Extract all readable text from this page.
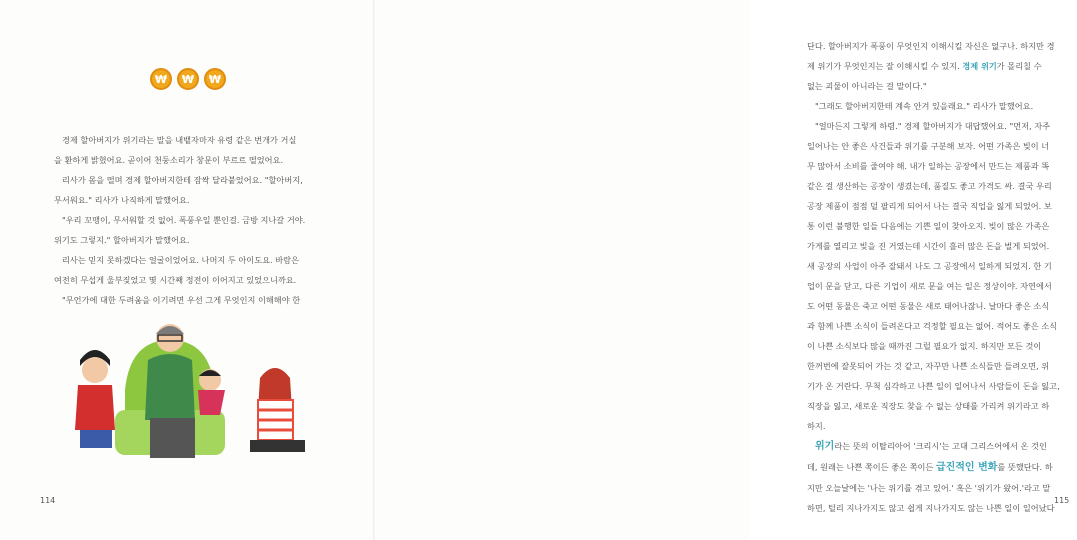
₩	₩	₩

경제 할아버지가 위기라는 말을 내뱉자마자 유령 같은 번개가 거실

을 환하게 밝혔어요. 곧이어 천둥소리가 창문이 부르르 떨었어요.

리사가 몸을 떨며 경제 할아버지한테 잠싹 달라붙었어요. "할아버지,

무서워요." 리사가 나직하게 말했어요.

"우리 꼬맹이, 무서워할 것 없어. 폭풍우일 뿐인걸. 금방 지나갈 거야.

위기도 그렇지." 할아버지가 말했어요.

리사는 믿지 못하겠다는 얼굴이었어요. 나머지 두 아이도요. 바람은

여전히 무섭게 울부짖었고 몇 시간째 정전이 이어지고 있었으니까요.

"무언가에 대한 두려움을 이기려면 우선 그게 무엇인지 이해해야 한

114

단다. 할아버지가 폭풍이 무엇인지 이해시킬 자신은 없구나. 하지만 경

제 위기가 무엇인지는 잘 이해시킬 수 있지. 경제 위기가 몰리칠 수

없는 괴물이 아니라는 걸 말이다."

"그래도 할아버지한테 계속 안겨 있을래요." 리사가 말했어요.

"얼마든지 그렇게 하렴." 경제 할아버지가 대답했어요. "먼저, 자주

일어나는 안 좋은 사건들과 위기를 구분해 보자. 어떤 가족은 빚이 너

무 많아서 소비를 줄여야 해. 내가 일하는 공장에서 만드는 제품과 똑

같은 걸 생산하는 공장이 생겼는데, 품질도 좋고 가격도 싸. 결국 우리

공장 제품이 점점 덜 팔리게 되어서 나는 결국 직업을 잃게 되었어. 보

통 이런 불행한 일들 다음에는 기쁜 일이 찾아오지. 빚이 많은 가족은

가게를 열리고 빚을 진 거였는데 시간이 흘러 많은 돈을 벌게 되었어.

새 공장의 사업이 아주 잘돼서 나도 그 공장에서 일하게 되었지. 한 기

업이 문을 닫고, 다른 기업이 새로 문을 여는 일은 정상이야. 자연에서

도 어떤 동물은 죽고 어떤 동물은 새로 태어나잖니. 날마다 좋은 소식

과 함께 나쁜 소식이 들려온다고 걱정할 필요는 없어. 적어도 좋은 소식

이 나쁜 소식보다 많을 때까진 그럴 필요가 없지. 하지만 모든 것이

한꺼번에 잘못되어 가는 것 같고, 자꾸만 나쁜 소식들만 들려오면, 위

기가 온 거란다. 무척 심각하고 나쁜 일이 일어나서 사람들이 돈을 잃고,

직장을 잃고, 새로운 직장도 찾을 수 없는 상태를 가리켜 위기라고 하

하지.

위기라는 뜻의 이탈리아어 '크리시'는 고대 그리스어에서 온 것인

데, 원래는 나쁜 쪽이든 좋은 쪽이든 급진적인 변화를 뜻했단다. 하

지만 오늘날에는 '나는 위기를 겪고 있어.' 혹은 '위기가 왔어.'라고 말

하면, 털리 지나가지도 않고 쉽게 지나가지도 않는 나쁜 일이 일어났다

115
